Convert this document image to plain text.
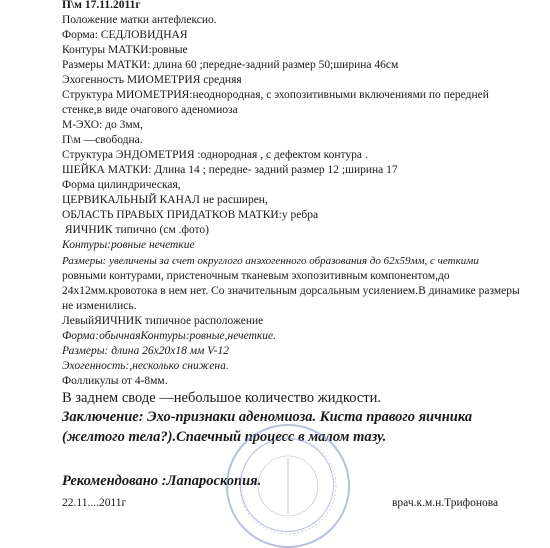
П\м 17.11.2011г
Положение матки антефлексио.
Форма: СЕДЛОВИДНАЯ
Контуры МАТКИ:ровные
Размеры МАТКИ: длина 60 ;передне-задний размер 50;ширина 46см
Эхогенность МИОМЕТРИЯ средняя
Структура МИОМЕТРИЯ:неоднородная, с эхопозитивными включениями по передней
стенке,в виде очагового аденомиоза
М-ЭХО: до 3мм,
П\м —свободна.
Структура ЭНДОМЕТРИЯ :однородная , с дефектом контура .
ШЕЙКА МАТКИ: Длина 14 ; передне- задний размер 12 ;ширина 17
Форма цилиндрическая,
ЦЕРВИКАЛЬНЫЙ КАНАЛ не расширен,
ОБЛАСТЬ ПРАВЫХ ПРИДАТКОВ МАТКИ:у ребра
ЯИЧНИК типично (см .фото)
Контуры:ровные нечеткие
Размеры: увеличены за счет округлого анэхогенного образования до 62х59мм, с четкими
ровными контурами, пристеночным тканевым эхопозитивным компонентом,до
24х12мм.кровотока в нем нет. Со значительным дорсальным усилением.В динамике размеры
не изменились.
ЛевыйЯИЧНИК типичное расположение
Форма:обычнаяКонтуры:ровные,нечеткие.
Размеры: длина 26х20х18 мм V-12
Эхогенность:,несколько снижена.
Фолликулы от 4-8мм.
В заднем своде —небольшое количество жидкости.
Заключение: Эхо-признаки аденомиоза. Киста правого яичника
(желтого тела?).Спаечный процесс в малом тазу.
Рекомендовано :Лапароскопия.
22.11....2011г	врач.к.м.н.Трифонова
